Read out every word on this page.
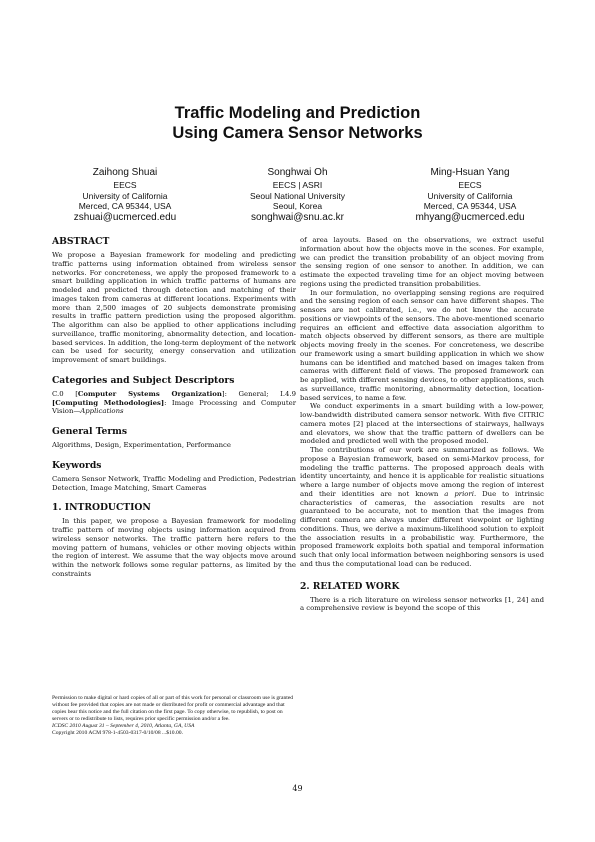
Traffic Modeling and Prediction
Using Camera Sensor Networks
Zaihong Shuai
EECS
University of California
Merced, CA 95344, USA
zshuai@ucmerced.edu
Songhwai Oh
EECS | ASRI
Seoul National University
Seoul, Korea
songhwai@snu.ac.kr
Ming-Hsuan Yang
EECS
University of California
Merced, CA 95344, USA
mhyang@ucmerced.edu
ABSTRACT

We propose a Bayesian framework for modeling and predicting traffic patterns using information obtained from wireless sensor networks. For concreteness, we apply the proposed framework to a smart building application in which traffic patterns of humans are modeled and predicted through detection and matching of their images taken from cameras at different locations. Experiments with more than 2,500 images of 20 subjects demonstrate promising results in traffic pattern prediction using the proposed algorithm. The algorithm can also be applied to other applications including surveillance, traffic monitoring, abnormality detection, and location-based services. In addition, the long-term deployment of the network can be used for security, energy conservation and utilization improvement of smart buildings.

Categories and Subject Descriptors

C.0 [Computer Systems Organization]: General; I.4.9 [Computing Methodologies]: Image Processing and Computer Vision—Applications

General Terms

Algorithms, Design, Experimentation, Performance

Keywords

Camera Sensor Network, Traffic Modeling and Prediction, Pedestrian Detection, Image Matching, Smart Cameras

1. INTRODUCTION

In this paper, we propose a Bayesian framework for modeling traffic pattern of moving objects using information acquired from wireless sensor networks. The traffic pattern here refers to the moving pattern of humans, vehicles or other moving objects within the region of interest. We assume that the way objects move around within the network follows some regular patterns, as limited by the constraints

Permission to make digital or hard copies of all or part of this work for personal or classroom use is granted without fee provided that copies are not made or distributed for profit or commercial advantage and that copies bear this notice and the full citation on the first page. To copy otherwise, to republish, to post on servers or to redistribute to lists, requires prior specific permission and/or a fee.
ICDSC 2010 August 31 – September 4, 2010, Atlanta, GA, USA
Copyright 2010 ACM 978-1-4503-0317-0/10/08 ...$10.00.

of area layouts. Based on the observations, we extract useful information about how the objects move in the scenes. For example, we can predict the transition probability of an object moving from the sensing region of one sensor to another. In addition, we can estimate the expected traveling time for an object moving between regions using the predicted transition probabilities.

In our formulation, no overlapping sensing regions are required and the sensing region of each sensor can have different shapes. The sensors are not calibrated, i.e., we do not know the accurate positions or viewpoints of the sensors. The above-mentioned scenario requires an efficient and effective data association algorithm to match objects observed by different sensors, as there are multiple objects moving freely in the scenes. For concreteness, we describe our framework using a smart building application in which we show humans can be identified and matched based on images taken from cameras with different field of views. The proposed framework can be applied, with different sensing devices, to other applications, such as surveillance, traffic monitoring, abnormality detection, location-based services, to name a few.

We conduct experiments in a smart building with a low-power, low-bandwidth distributed camera sensor network. With five CITRIC camera motes [2] placed at the intersections of stairways, hallways and elevators, we show that the traffic pattern of dwellers can be modeled and predicted well with the proposed model.

The contributions of our work are summarized as follows. We propose a Bayesian framework, based on semi-Markov process, for modeling the traffic patterns. The proposed approach deals with identity uncertainty, and hence it is applicable for realistic situations where a large number of objects move among the region of interest and their identities are not known a priori. Due to intrinsic characteristics of cameras, the association results are not guaranteed to be accurate, not to mention that the images from different camera are always under different viewpoint or lighting conditions. Thus, we derive a maximum-likelihood solution to exploit the association results in a probabilistic way. Furthermore, the proposed framework exploits both spatial and temporal information such that only local information between neighboring sensors is used and thus the computational load can be reduced.

2. RELATED WORK

There is a rich literature on wireless sensor networks [1, 24] and a comprehensive review is beyond the scope of this

49
